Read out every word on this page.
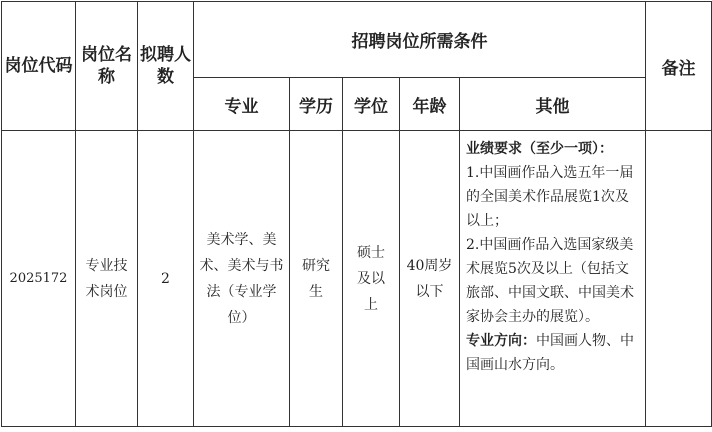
岗位代码	岗位名称	拟聘人数	招聘岗位所需条件					备注
			专业	学历	学位	年龄	其他	
2025172	专业技术岗位	2	美术学、美术、美术与书法（专业学位）	研究生	硕士及以上	40周岁以下	业绩要求（至少一项）：
1.中国画作品入选五年一届的全国美术作品展览1次及以上；
2.中国画作品入选国家级美术展览5次及以上（包括文旅部、中国文联、中国美术家协会主办的展览）。
专业方向：中国画人物、中国画山水方向。	
